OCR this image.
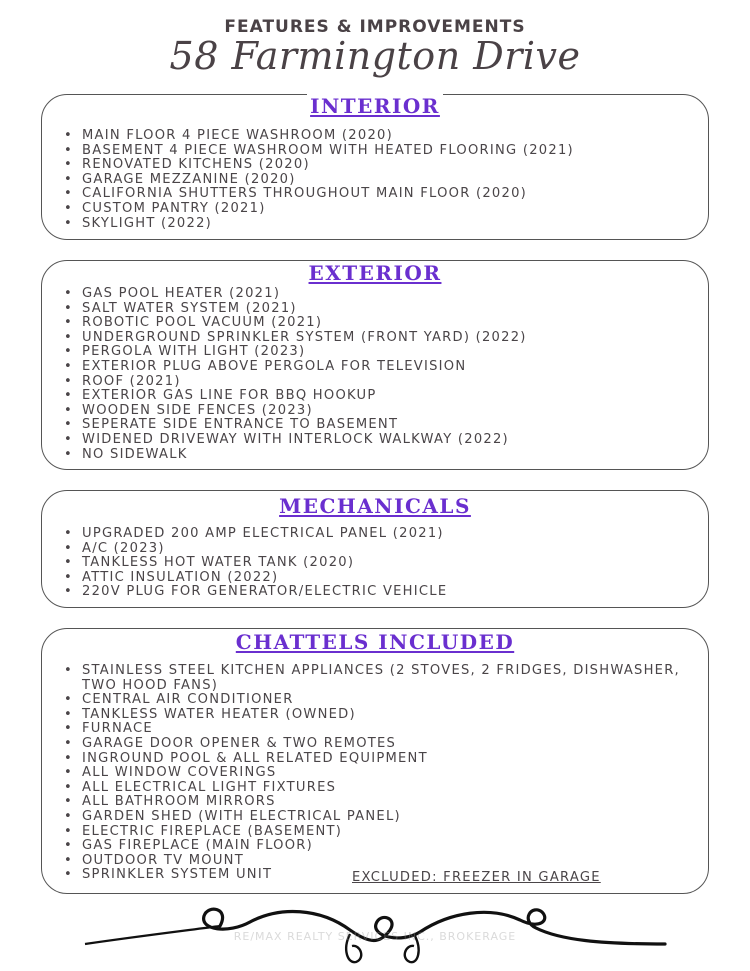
FEATURES & IMPROVEMENTS
58 Farmington Drive
INTERIOR
• MAIN FLOOR 4 PIECE WASHROOM (2020)
• BASEMENT 4 PIECE WASHROOM WITH HEATED FLOORING (2021)
• RENOVATED KITCHENS (2020)
• GARAGE MEZZANINE (2020)
• CALIFORNIA SHUTTERS THROUGHOUT MAIN FLOOR (2020)
• CUSTOM PANTRY (2021)
• SKYLIGHT (2022)
EXTERIOR
• GAS POOL HEATER (2021)
• SALT WATER SYSTEM (2021)
• ROBOTIC POOL VACUUM (2021)
• UNDERGROUND SPRINKLER SYSTEM (FRONT YARD) (2022)
• PERGOLA WITH LIGHT (2023)
• EXTERIOR PLUG ABOVE PERGOLA FOR TELEVISION
• ROOF (2021)
• EXTERIOR GAS LINE FOR BBQ HOOKUP
• WOODEN SIDE FENCES (2023)
• SEPERATE SIDE ENTRANCE TO BASEMENT
• WIDENED DRIVEWAY WITH INTERLOCK WALKWAY (2022)
• NO SIDEWALK
MECHANICALS
• UPGRADED 200 AMP ELECTRICAL PANEL (2021)
• A/C (2023)
• TANKLESS HOT WATER TANK (2020)
• ATTIC INSULATION (2022)
• 220V PLUG FOR GENERATOR/ELECTRIC VEHICLE
CHATTELS INCLUDED
• STAINLESS STEEL KITCHEN APPLIANCES (2 STOVES, 2 FRIDGES, DISHWASHER, TWO HOOD FANS)
• CENTRAL AIR CONDITIONER
• TANKLESS WATER HEATER (OWNED)
• FURNACE
• GARAGE DOOR OPENER & TWO REMOTES
• INGROUND POOL & ALL RELATED EQUIPMENT
• ALL WINDOW COVERINGS
• ALL ELECTRICAL LIGHT FIXTURES
• ALL BATHROOM MIRRORS
• GARDEN SHED (WITH ELECTRICAL PANEL)
• ELECTRIC FIREPLACE (BASEMENT)
• GAS FIREPLACE (MAIN FLOOR)
• OUTDOOR TV MOUNT
• SPRINKLER SYSTEM UNIT	EXCLUDED: FREEZER IN GARAGE
RE/MAX REALTY SERVICES INC., BROKERAGE
